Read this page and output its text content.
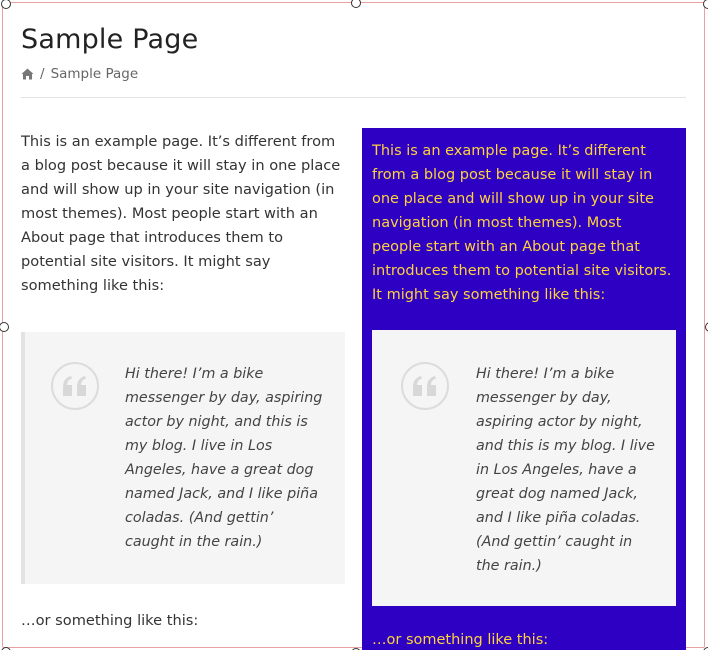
Sample Page
/ Sample Page

This is an example page. It’s different from a blog post because it will stay in one place and will show up in your site navigation (in most themes). Most people start with an About page that introduces them to potential site visitors. It might say something like this:

Hi there! I’m a bike messenger by day, aspiring actor by night, and this is my blog. I live in Los Angeles, have a great dog named Jack, and I like piña coladas. (And gettin’ caught in the rain.)

…or something like this:

This is an example page. It’s different from a blog post because it will stay in one place and will show up in your site navigation (in most themes). Most people start with an About page that introduces them to potential site visitors. It might say something like this:

Hi there! I’m a bike messenger by day, aspiring actor by night, and this is my blog. I live in Los Angeles, have a great dog named Jack, and I like piña coladas. (And gettin’ caught in the rain.)

…or something like this:
